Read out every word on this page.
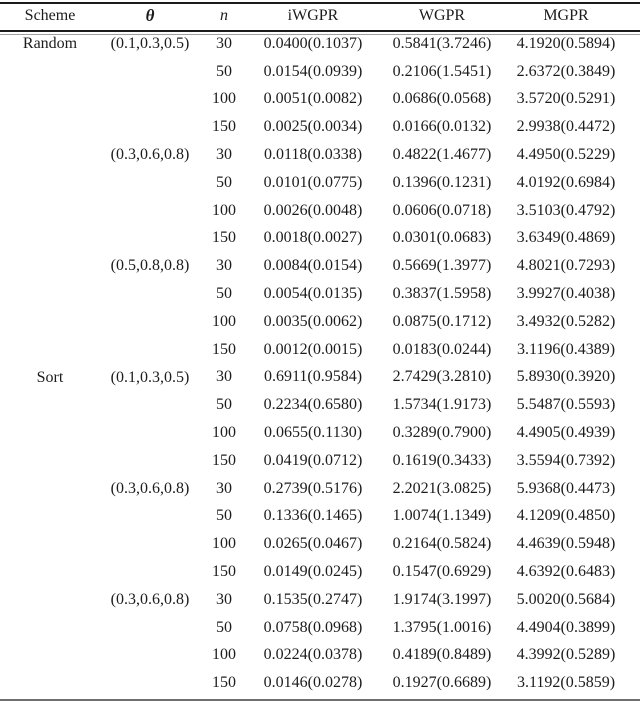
Scheme	θ	n	iWGPR	WGPR	MGPR
Random	(0.1,0.3,0.5)	30	0.0400(0.1037)	0.5841(3.7246)	4.1920(0.5894)
		50	0.0154(0.0939)	0.2106(1.5451)	2.6372(0.3849)
		100	0.0051(0.0082)	0.0686(0.0568)	3.5720(0.5291)
		150	0.0025(0.0034)	0.0166(0.0132)	2.9938(0.4472)
	(0.3,0.6,0.8)	30	0.0118(0.0338)	0.4822(1.4677)	4.4950(0.5229)
		50	0.0101(0.0775)	0.1396(0.1231)	4.0192(0.6984)
		100	0.0026(0.0048)	0.0606(0.0718)	3.5103(0.4792)
		150	0.0018(0.0027)	0.0301(0.0683)	3.6349(0.4869)
	(0.5,0.8,0.8)	30	0.0084(0.0154)	0.5669(1.3977)	4.8021(0.7293)
		50	0.0054(0.0135)	0.3837(1.5958)	3.9927(0.4038)
		100	0.0035(0.0062)	0.0875(0.1712)	3.4932(0.5282)
		150	0.0012(0.0015)	0.0183(0.0244)	3.1196(0.4389)
Sort	(0.1,0.3,0.5)	30	0.6911(0.9584)	2.7429(3.2810)	5.8930(0.3920)
		50	0.2234(0.6580)	1.5734(1.9173)	5.5487(0.5593)
		100	0.0655(0.1130)	0.3289(0.7900)	4.4905(0.4939)
		150	0.0419(0.0712)	0.1619(0.3433)	3.5594(0.7392)
	(0.3,0.6,0.8)	30	0.2739(0.5176)	2.2021(3.0825)	5.9368(0.4473)
		50	0.1336(0.1465)	1.0074(1.1349)	4.1209(0.4850)
		100	0.0265(0.0467)	0.2164(0.5824)	4.4639(0.5948)
		150	0.0149(0.0245)	0.1547(0.6929)	4.6392(0.6483)
	(0.3,0.6,0.8)	30	0.1535(0.2747)	1.9174(3.1997)	5.0020(0.5684)
		50	0.0758(0.0968)	1.3795(1.0016)	4.4904(0.3899)
		100	0.0224(0.0378)	0.4189(0.8489)	4.3992(0.5289)
		150	0.0146(0.0278)	0.1927(0.6689)	3.1192(0.5859)
